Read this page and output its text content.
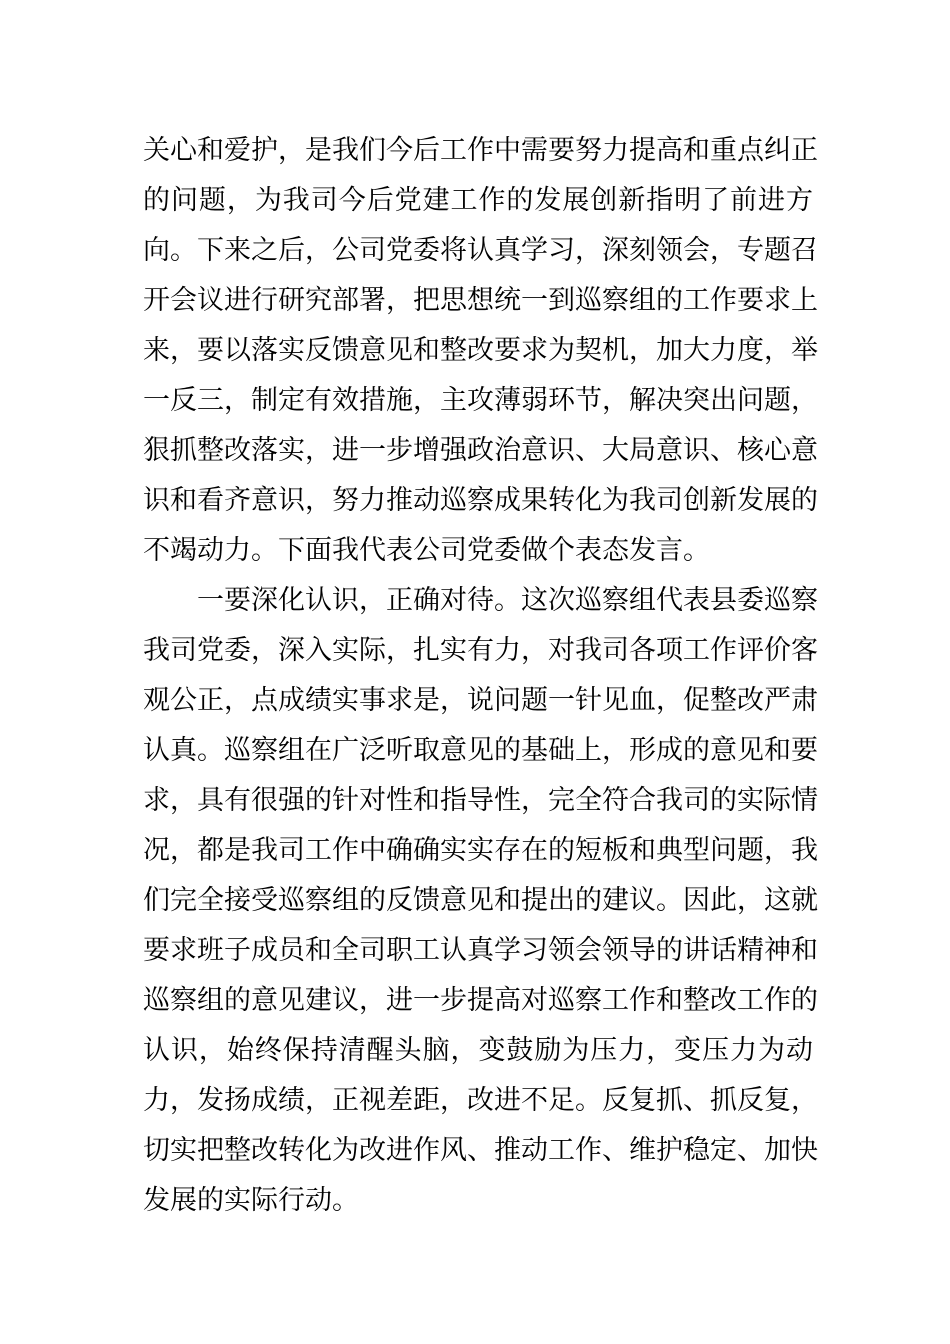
关心和爱护，是我们今后工作中需要努力提高和重点纠正
的问题，为我司今后党建工作的发展创新指明了前进方
向。下来之后，公司党委将认真学习，深刻领会，专题召
开会议进行研究部署，把思想统一到巡察组的工作要求上
来，要以落实反馈意见和整改要求为契机，加大力度，举
一反三，制定有效措施，主攻薄弱环节，解决突出问题，
狠抓整改落实，进一步增强政治意识、大局意识、核心意
识和看齐意识，努力推动巡察成果转化为我司创新发展的
不竭动力。下面我代表公司党委做个表态发言。
一要深化认识，正确对待。这次巡察组代表县委巡察
我司党委，深入实际，扎实有力，对我司各项工作评价客
观公正，点成绩实事求是，说问题一针见血，促整改严肃
认真。巡察组在广泛听取意见的基础上，形成的意见和要
求，具有很强的针对性和指导性，完全符合我司的实际情
况，都是我司工作中确确实实存在的短板和典型问题，我
们完全接受巡察组的反馈意见和提出的建议。因此，这就
要求班子成员和全司职工认真学习领会领导的讲话精神和
巡察组的意见建议，进一步提高对巡察工作和整改工作的
认识，始终保持清醒头脑，变鼓励为压力，变压力为动
力，发扬成绩，正视差距，改进不足。反复抓、抓反复，
切实把整改转化为改进作风、推动工作、维护稳定、加快
发展的实际行动。
